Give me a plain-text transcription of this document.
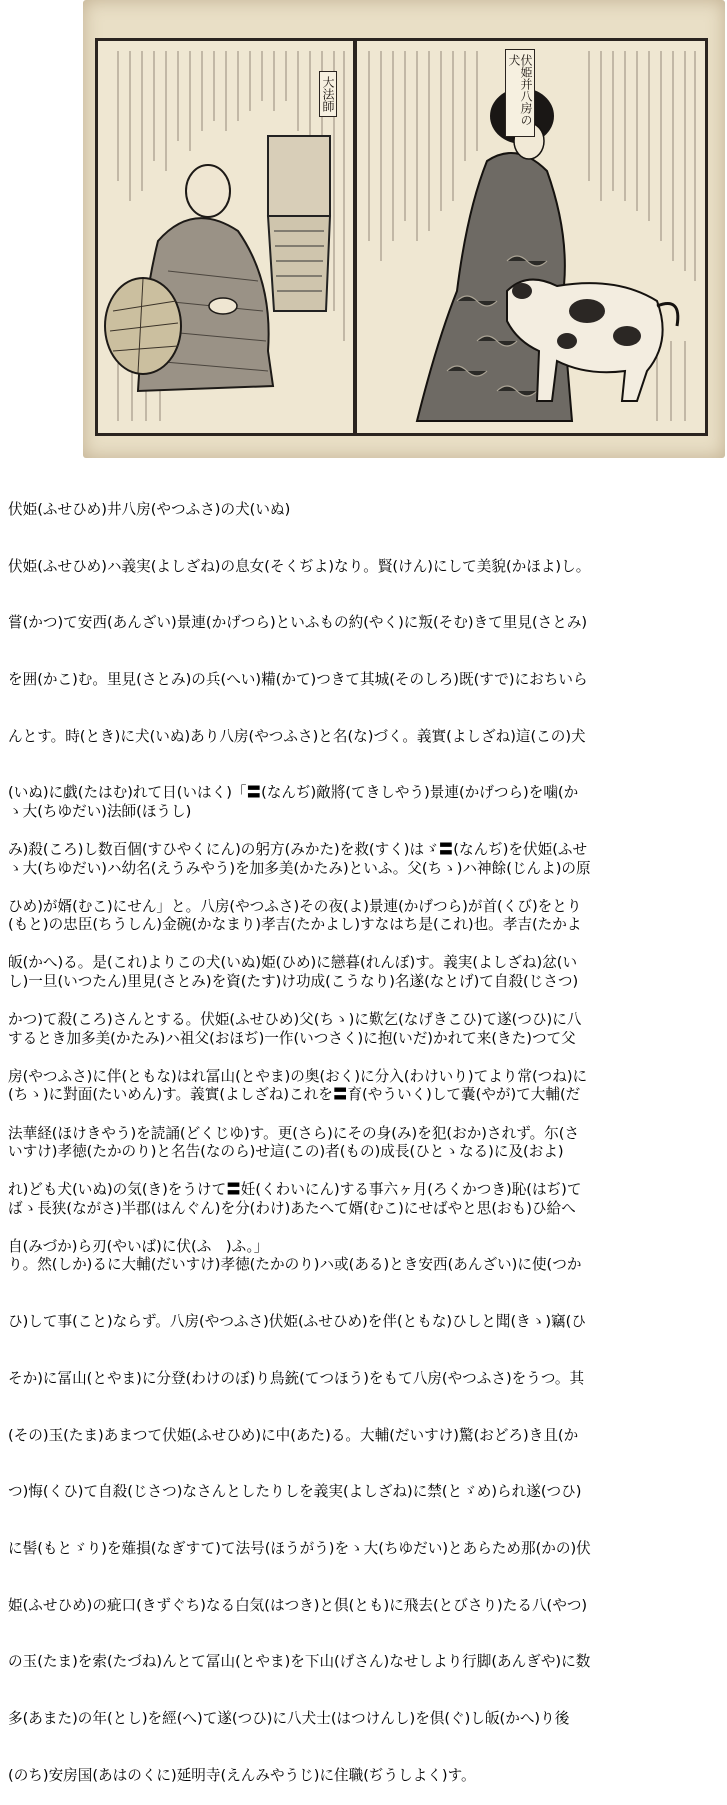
大法師	伏姫并八房の犬

伏姫(ふせひめ)井八房(やつふさ)の犬(いぬ)

伏姫(ふせひめ)ハ義実(よしざね)の息女(そくぢよ)なり。賢(けん)にして美貌(かほよ)し。

嘗(かつ)て安西(あんざい)景連(かげつら)といふもの約(やく)に叛(そむ)きて里見(さとみ)

を囲(かこ)む。里見(さとみ)の兵(へい)糒(かて)つきて其城(そのしろ)既(すで)におちいら

んとす。時(とき)に犬(いぬ)あり八房(やつふさ)と名(な)づく。義實(よしざね)這(この)犬

(いぬ)に戯(たはむ)れて日(いはく)「〓(なんぢ)敵將(てきしやう)景連(かげつら)を噛(か

み)殺(ころ)し数百個(すひやくにん)の躬方(みかた)を救(すく)はゞ〓(なんぢ)を伏姫(ふせ

ひめ)が婿(むこ)にせん」と。八房(やつふさ)その夜(よ)景連(かげつら)が首(くび)をとり

皈(かへ)る。是(これ)よりこの犬(いぬ)姫(ひめ)に戀暮(れんぼ)す。義実(よしざね)忿(い

かつ)て殺(ころ)さんとする。伏姫(ふせひめ)父(ちゝ)に歎乞(なげきこひ)て遂(つひ)に八

房(やつふさ)に伴(ともな)はれ冨山(とやま)の奥(おく)に分入(わけいり)てより常(つね)に

法華経(ほけきやう)を読誦(どくじゆ)す。更(さら)にその身(み)を犯(おか)されず。尓(さ

れ)ども犬(いぬ)の気(き)をうけて〓妊(くわいにん)する事六ヶ月(ろくかつき)恥(はぢ)て

自(みづか)ら刃(やいば)に伏(ふ　)ふ。」

ゝ大(ちゆだい)法師(ほうし)

ゝ大(ちゆだい)ハ幼名(えうみやう)を加多美(かたみ)といふ。父(ちゝ)ハ神餘(じんよ)の原

(もと)の忠臣(ちうしん)金碗(かなまり)孝吉(たかよし)すなはち是(これ)也。孝吉(たかよ

し)一旦(いつたん)里見(さとみ)を資(たす)け功成(こうなり)名遂(なとげ)て自殺(じさつ)

するとき加多美(かたみ)ハ祖父(おほぢ)一作(いつさく)に抱(いだ)かれて来(きた)つて父

(ちゝ)に對面(たいめん)す。義實(よしざね)これを〓育(やういく)して嚢(やが)て大輔(だ

いすけ)孝徳(たかのり)と名告(なのら)せ這(この)者(もの)成長(ひとゝなる)に及(およ)

ばゝ長狭(ながさ)半郡(はんぐん)を分(わけ)あたへて婿(むこ)にせばやと思(おも)ひ給へ

り。然(しか)るに大輔(だいすけ)孝徳(たかのり)ハ或(ある)とき安西(あんざい)に使(つか

ひ)して事(こと)ならず。八房(やつふさ)伏姫(ふせひめ)を伴(ともな)ひしと聞(きゝ)竊(ひ

そか)に冨山(とやま)に分登(わけのぼ)り鳥銃(てつほう)をもて八房(やつふさ)をうつ。其

(その)玉(たま)あまつて伏姫(ふせひめ)に中(あた)る。大輔(だいすけ)驚(おどろ)き且(か

つ)悔(くひ)て自殺(じさつ)なさんとしたりしを義実(よしざね)に禁(とゞめ)られ遂(つひ)

に髻(もとゞり)を薙損(なぎすて)て法号(ほうがう)をゝ大(ちゆだい)とあらため那(かの)伏

姫(ふせひめ)の疵口(きずぐち)なる白気(はつき)と倶(とも)に飛去(とびさり)たる八(やつ)

の玉(たま)を索(たづね)んとて冨山(とやま)を下山(げさん)なせしより行脚(あんぎや)に数

多(あまた)の年(とし)を經(へ)て遂(つひ)に八犬士(はつけんし)を倶(ぐ)し皈(かへ)り後

(のち)安房国(あはのくに)延明寺(えんみやうじ)に住職(ぢうしよく)す。
